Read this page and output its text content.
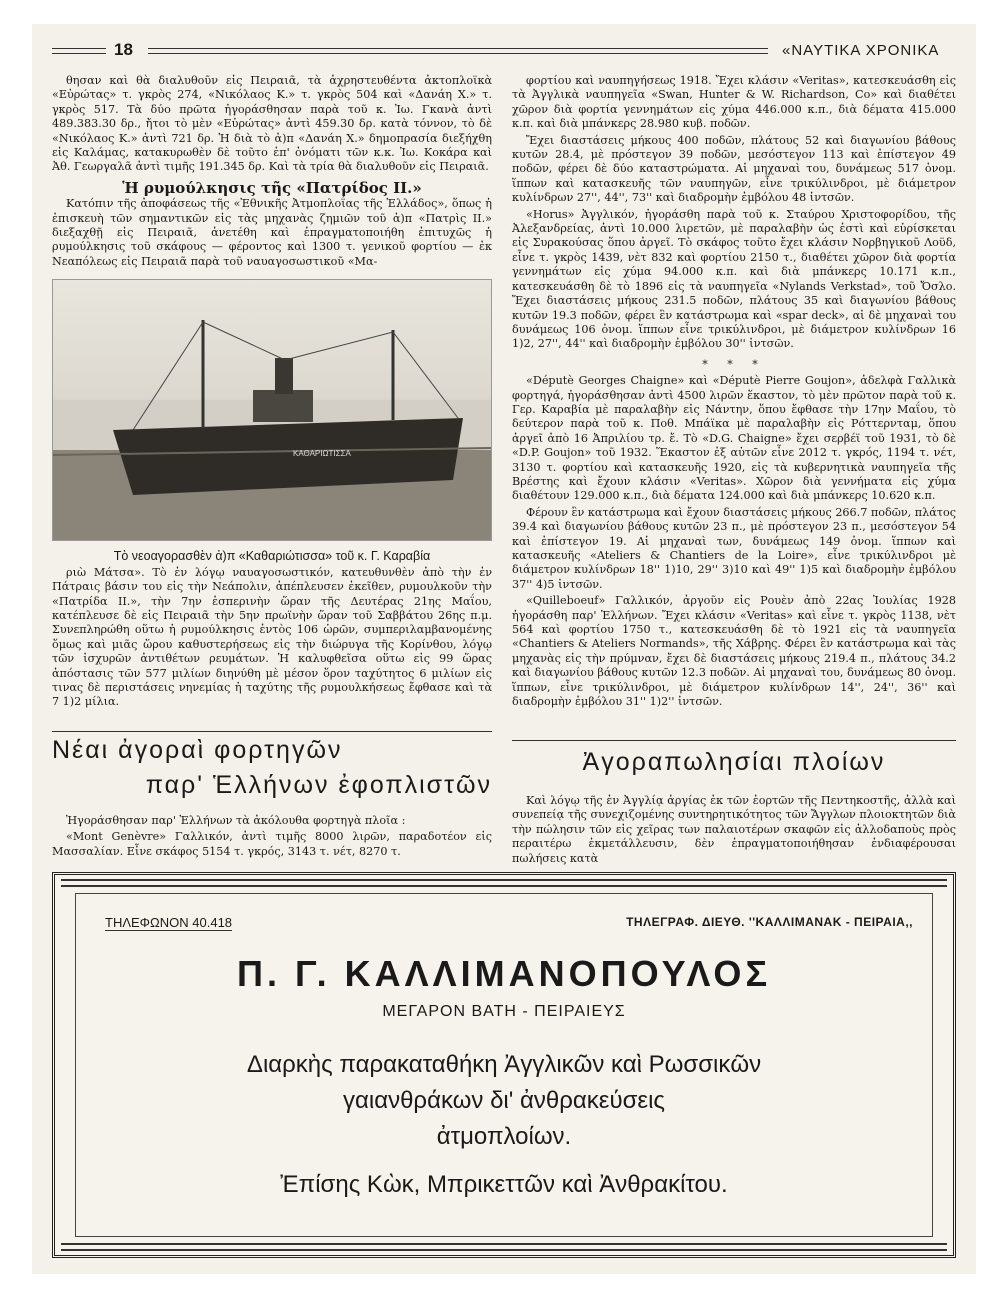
18	«ΝΑΥΤΙΚΑ ΧΡΟΝΙΚΑ

θησαν καὶ θὰ διαλυθοῦν εἰς Πειραιᾶ, τὰ ἀχρηστευθέντα ἀκτοπλοϊκὰ «Εὐρώτας» τ. γκρὸς 274, «Νικόλαος Κ.» τ. γκρὸς 504 καὶ «Δανάη Χ.» τ. γκρὸς 517. Τὰ δύο πρῶτα ἠγοράσθησαν παρὰ τοῦ κ. Ἰω. Γκανὰ ἀντὶ 489.383.30 δρ., ἤτοι τὸ μὲν «Εὐρώτας» ἀντὶ 459.30 δρ. κατὰ τόννον, τὸ δὲ «Νικόλαος Κ.» ἀντὶ 721 δρ. Ἡ διὰ τὸ ἀ)π «Δανάη Χ.» δημοπρασία διεξήχθη εἰς Καλάμας, κατακυρωθὲν δὲ τοῦτο ἐπ' ὀνόματι τῶν κ.κ. Ἰω. Κοκάρα καὶ Ἀθ. Γεωργαλᾶ ἀντὶ τιμῆς 191.345 δρ. Καὶ τὰ τρία θὰ διαλυθοῦν εἰς Πειραιᾶ.

Ἡ ρυμούλκησις τῆς «Πατρίδος ΙΙ.»

Κατόπιν τῆς ἀποφάσεως τῆς «Ἐθνικῆς Ἀτμοπλοΐας τῆς Ἑλλάδος», ὅπως ἡ ἐπισκευὴ τῶν σημαντικῶν εἰς τὰς μηχανὰς ζημιῶν τοῦ ἀ)π «Πατρὶς ΙΙ.» διεξαχθῇ εἰς Πειραιᾶ, ἀνετέθη καὶ ἐπραγματοποιήθη ἐπιτυχῶς ἡ ρυμούλκησις τοῦ σκάφους — φέροντος καὶ 1300 τ. γενικοῦ φορτίου — ἐκ Νεαπόλεως εἰς Πειραιᾶ παρὰ τοῦ ναυαγοσωστικοῦ «Μα-

ΚΑΘΑΡΙΩΤΙΣΣΑ

Τὸ νεοαγορασθὲν ἀ)π «Καθαριώτισσα» τοῦ κ. Γ. Καραβία

ριὼ Μάτσα». Τὸ ἐν λόγῳ ναυαγοσωστικόν, κατευθυνθὲν ἀπὸ τὴν ἐν Πάτραις βάσιν του εἰς τὴν Νεάπολιν, ἀπέπλευσεν ἐκεῖθεν, ρυμουλκοῦν τὴν «Πατρίδα ΙΙ.», τὴν 7ην ἑσπερινὴν ὥραν τῆς Δευτέρας 21ης Μαΐου, κατέπλευσε δὲ εἰς Πειραιᾶ τὴν 5ην πρωϊνὴν ὥραν τοῦ Σαββάτου 26ης π.μ. Συνεπληρώθη οὕτω ἡ ρυμούλκησις ἐντὸς 106 ὡρῶν, συμπεριλαμβανομένης ὅμως καὶ μιᾶς ὥρου καθυστερήσεως εἰς τὴν διώρυγα τῆς Κορίνθου, λόγῳ τῶν ἰσχυρῶν ἀντιθέτων ρευμάτων. Ἡ καλυφθεῖσα οὕτω εἰς 99 ὥρας ἀπόστασις τῶν 577 μιλίων διηνύθη μὲ μέσον ὅρον ταχύτητος 6 μιλίων εἰς τινας δὲ περιστάσεις νηνεμίας ἡ ταχύτης τῆς ρυμουλκήσεως ἔφθασε καὶ τὰ 7 1)2 μίλια.

Νέαι ἀγοραὶ φορτηγῶν
παρ' Ἑλλήνων ἐφοπλιστῶν

Ἠγοράσθησαν παρ' Ἑλλήνων τὰ ἀκόλουθα φορτηγὰ πλοῖα :

«Mont Genèvre» Γαλλικόν, ἀντὶ τιμῆς 8000 λιρῶν, παραδοτέον εἰς Μασσαλίαν. Εἶνε σκάφος 5154 τ. γκρός, 3143 τ. νέτ, 8270 τ.

φορτίου καὶ ναυπηγήσεως 1918. Ἔχει κλάσιν «Veritas», κατεσκευάσθη εἰς τὰ Ἀγγλικὰ ναυπηγεῖα «Swan, Hunter & W. Richardson, Co» καὶ διαθέτει χῶρον διὰ φορτία γεννημάτων εἰς χύμα 446.000 κ.π., διὰ δέματα 415.000 κ.π. καὶ διὰ μπάνκερς 28.980 κυβ. ποδῶν.

Ἔχει διαστάσεις μήκους 400 ποδῶν, πλάτους 52 καὶ διαγωνίου βάθους κυτῶν 28.4, μὲ πρόστεγον 39 ποδῶν, μεσόστεγον 113 καὶ ἐπίστεγον 49 ποδῶν, φέρει δὲ δύο καταστρώματα. Αἱ μηχαναὶ του, δυνάμεως 517 ὀνομ. ἵππων καὶ κατασκευῆς τῶν ναυπηγῶν, εἶνε τρικύλινδροι, μὲ διάμετρον κυλίνδρων 27'', 44'', 73'' καὶ διαδρομὴν ἐμβόλου 48 ἰντσῶν.

«Horus» Ἀγγλικόν, ἠγοράσθη παρὰ τοῦ κ. Σταύρου Χριστοφορίδου, τῆς Ἀλεξανδρείας, ἀντὶ 10.000 λιρετῶν, μὲ παραλαβὴν ὡς ἐστὶ καὶ εὑρίσκεται εἰς Συρακούσας ὅπου ἀργεῖ. Τὸ σκάφος τοῦτο ἔχει κλάσιν Νορβηγικοῦ Λοϋδ, εἶνε τ. γκρὸς 1439, νὲτ 832 καὶ φορτίου 2150 τ., διαθέτει χῶρον διὰ φορτία γεννημάτων εἰς χύμα 94.000 κ.π. καὶ διὰ μπάνκερς 10.171 κ.π., κατεσκευάσθη δὲ τὸ 1896 εἰς τὰ ναυπηγεῖα «Nylands Verkstad», τοῦ Ὄσλο. Ἔχει διαστάσεις μήκους 231.5 ποδῶν, πλάτους 35 καὶ διαγωνίου βάθους κυτῶν 19.3 ποδῶν, φέρει ἓν κατάστρωμα καὶ «spar deck», αἱ δὲ μηχαναὶ του δυνάμεως 106 ὀνομ. ἵππων εἶνε τρικύλινδροι, μὲ διάμετρον κυλίνδρων 16 1)2, 27'', 44'' καὶ διαδρομὴν ἐμβόλου 30'' ἰντσῶν.

* * *

«Députè Georges Chaigne» καὶ «Députè Pierre Goujon», ἀδελφὰ Γαλλικὰ φορτηγά, ἠγοράσθησαν ἀντὶ 4500 λιρῶν ἕκαστον, τὸ μὲν πρῶτον παρὰ τοῦ κ. Γερ. Καραβία μὲ παραλαβὴν εἰς Νάντην, ὅπου ἔφθασε τὴν 17ην Μαΐου, τὸ δεύτερον παρὰ τοῦ κ. Ποθ. Μπάϊκα μὲ παραλαβὴν εἰς Ρόττερνταμ, ὅπου ἀργεῖ ἀπὸ 16 Ἀπριλίου τρ. ἔ. Τὸ «D.G. Chaigne» ἔχει σερβέϊ τοῦ 1931, τὸ δὲ «D.P. Goujon» τοῦ 1932. Ἕκαστον ἐξ αὐτῶν εἶνε 2012 τ. γκρός, 1194 τ. νέτ, 3130 τ. φορτίου καὶ κατασκευῆς 1920, εἰς τὰ κυβερνητικὰ ναυπηγεῖα τῆς Βρέστης καὶ ἔχουν κλάσιν «Veritas». Χῶρον διὰ γεννήματα εἰς χύμα διαθέτουν 129.000 κ.π., διὰ δέματα 124.000 καὶ διὰ μπάνκερς 10.620 κ.π.

Φέρουν ἓν κατάστρωμα καὶ ἔχουν διαστάσεις μήκους 266.7 ποδῶν, πλάτος 39.4 καὶ διαγωνίου βάθους κυτῶν 23 π., μὲ πρόστεγον 23 π., μεσόστεγον 54 καὶ ἐπίστεγον 19. Αἱ μηχαναὶ των, δυνάμεως 149 ὀνομ. ἵππων καὶ κατασκευῆς «Ateliers & Chantiers de la Loire», εἶνε τρικύλινδροι μὲ διάμετρον κυλίνδρων 18'' 1)10, 29'' 3)10 καὶ 49'' 1)5 καὶ διαδρομὴν ἐμβόλου 37'' 4)5 ἰντσῶν.

«Quilleboeuf» Γαλλικόν, ἀργοῦν εἰς Ρουὲν ἀπὸ 22ας Ἰουλίας 1928 ἠγοράσθη παρ' Ἑλλήνων. Ἔχει κλάσιν «Veritas» καὶ εἶνε τ. γκρὸς 1138, νὲτ 564 καὶ φορτίου 1750 τ., κατεσκευάσθη δὲ τὸ 1921 εἰς τὰ ναυπηγεῖα «Chantiers & Ateliers Normands», τῆς Χάβρης. Φέρει ἓν κατάστρωμα καὶ τὰς μηχανὰς εἰς τὴν πρύμναν, ἔχει δὲ διαστάσεις μήκους 219.4 π., πλάτους 34.2 καὶ διαγωνίου βάθους κυτῶν 12.3 ποδῶν. Αἱ μηχαναὶ του, δυνάμεως 80 ὀνομ. ἵππων, εἶνε τρικύλινδροι, μὲ διάμετρον κυλίνδρων 14'', 24'', 36'' καὶ διαδρομὴν ἐμβόλου 31'' 1)2'' ἰντσῶν.

Ἀγοραπωλησίαι πλοίων

Καὶ λόγῳ τῆς ἐν Ἀγγλίᾳ ἀργίας ἐκ τῶν ἑορτῶν τῆς Πεντηκοστῆς, ἀλλὰ καὶ συνεπείᾳ τῆς συνεχιζομένης συντηρητικότητος τῶν Ἄγγλων πλοιοκτητῶν διὰ τὴν πώλησιν τῶν εἰς χεῖρας των παλαιοτέρων σκαφῶν εἰς ἀλλοδαποὺς πρὸς περαιτέρω ἐκμετάλλευσιν, δὲν ἐπραγματοποιήθησαν ἐνδιαφέρουσαι πωλήσεις κατὰ

ΤΗΛΕΦΩΝΟΝ 40.418	ΤΗΛΕΓΡΑΦ. ΔΙΕΥΘ. ''ΚΑΛΛΙΜΑΝΑΚ - ΠΕΙΡΑΙΑ,,
Π. Γ. ΚΑΛΛΙΜΑΝΟΠΟΥΛΟΣ
ΜΕΓΑΡΟΝ ΒΑΤΗ - ΠΕΙΡΑΙΕΥΣ
Διαρκὴς παρακαταθήκη Ἀγγλικῶν καὶ Ρωσσικῶν
γαιανθράκων δι' ἀνθρακεύσεις
ἀτμοπλοίων.
Ἐπίσης Κὼκ, Μπρικεττῶν καὶ Ἀνθρακίτου.
